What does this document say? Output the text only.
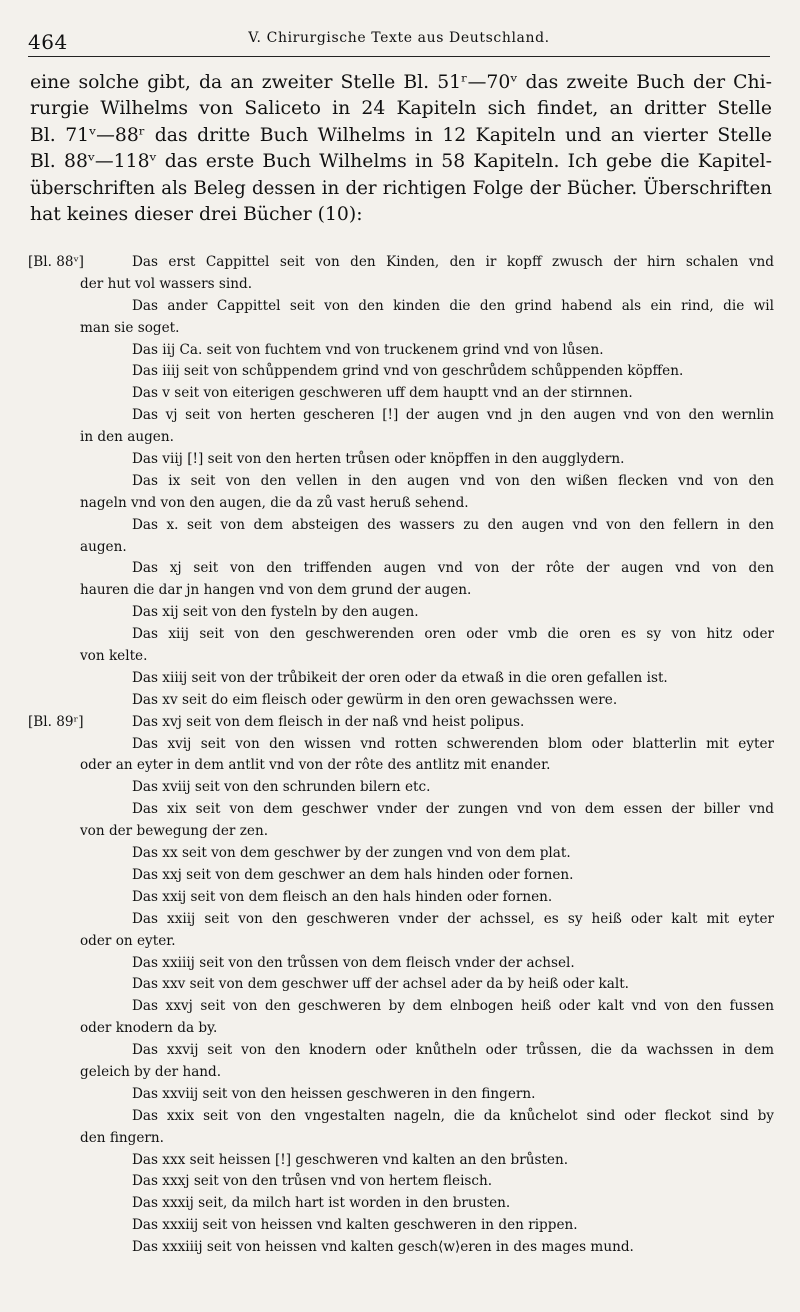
464	V. Chirurgische Texte aus Deutschland.
eine solche gibt, da an zweiter Stelle Bl. 51ʳ—70ᵛ das zweite Buch der Chi-
rurgie Wilhelms von Saliceto in 24 Kapiteln sich findet, an dritter Stelle
Bl. 71ᵛ—88ʳ das dritte Buch Wilhelms in 12 Kapiteln und an vierter Stelle
Bl. 88ᵛ—118ᵛ das erste Buch Wilhelms in 58 Kapiteln. Ich gebe die Kapitel-
überschriften als Beleg dessen in der richtigen Folge der Bücher. Überschriften
hat keines dieser drei Bücher (10):
[Bl. 88ᵛ]	Das erst Cappittel seit von den Kinden, den ir kopff zwusch der hirn schalen vnd
der hut vol wassers sind.
Das ander Cappittel seit von den kinden die den grind habend als ein rind, die wil
man sie soget.
Das iij Ca. seit von fuchtem vnd von truckenem grind vnd von lůsen.
Das iiij seit von schůppendem grind vnd von geschrůdem schůppenden köpffen.
Das v seit von eiterigen geschweren uff dem hauptt vnd an der stirnnen.
Das vj seit von herten gescheren [!] der augen vnd jn den augen vnd von den wernlin
in den augen.
Das viij [!] seit von den herten trůsen oder knöpffen in den augglydern.
Das ix seit von den vellen in den augen vnd von den wißen flecken vnd von den
nageln vnd von den augen, die da zů vast heruß sehend.
Das x. seit von dem absteigen des wassers zu den augen vnd von den fellern in den
augen.
Das xj seit von den triffenden augen vnd von der rôte der augen vnd von den
hauren die dar jn hangen vnd von dem grund der augen.
Das xij seit von den fysteln by den augen.
Das xiij seit von den geschwerenden oren oder vmb die oren es sy von hitz oder
von kelte.
Das xiiij seit von der trůbikeit der oren oder da etwaß in die oren gefallen ist.
Das xv seit do eim fleisch oder gewürm in den oren gewachssen were.
[Bl. 89ʳ]	Das xvj seit von dem fleisch in der naß vnd heist polipus.
Das xvij seit von den wissen vnd rotten schwerenden blom oder blatterlin mit eyter
oder an eyter in dem antlit vnd von der rôte des antlitz mit enander.
Das xviij seit von den schrunden bilern etc.
Das xix seit von dem geschwer vnder der zungen vnd von dem essen der biller vnd
von der bewegung der zen.
Das xx seit von dem geschwer by der zungen vnd von dem plat.
Das xxj seit von dem geschwer an dem hals hinden oder fornen.
Das xxij seit von dem fleisch an den hals hinden oder fornen.
Das xxiij seit von den geschweren vnder der achssel, es sy heiß oder kalt mit eyter
oder on eyter.
Das xxiiij seit von den trůssen von dem fleisch vnder der achsel.
Das xxv seit von dem geschwer uff der achsel ader da by heiß oder kalt.
Das xxvj seit von den geschweren by dem elnbogen heiß oder kalt vnd von den fussen
oder knodern da by.
Das xxvij seit von den knodern oder knůtheln oder trůssen, die da wachssen in dem
geleich by der hand.
Das xxviij seit von den heissen geschweren in den fingern.
Das xxix seit von den vngestalten nageln, die da knůchelot sind oder fleckot sind by
den fingern.
Das xxx seit heissen [!] geschweren vnd kalten an den brůsten.
Das xxxj seit von den trůsen vnd von hertem fleisch.
Das xxxij seit, da milch hart ist worden in den brusten.
Das xxxiij seit von heissen vnd kalten geschweren in den rippen.
Das xxxiiij seit von heissen vnd kalten gesch⟨w⟩eren in des mages mund.
